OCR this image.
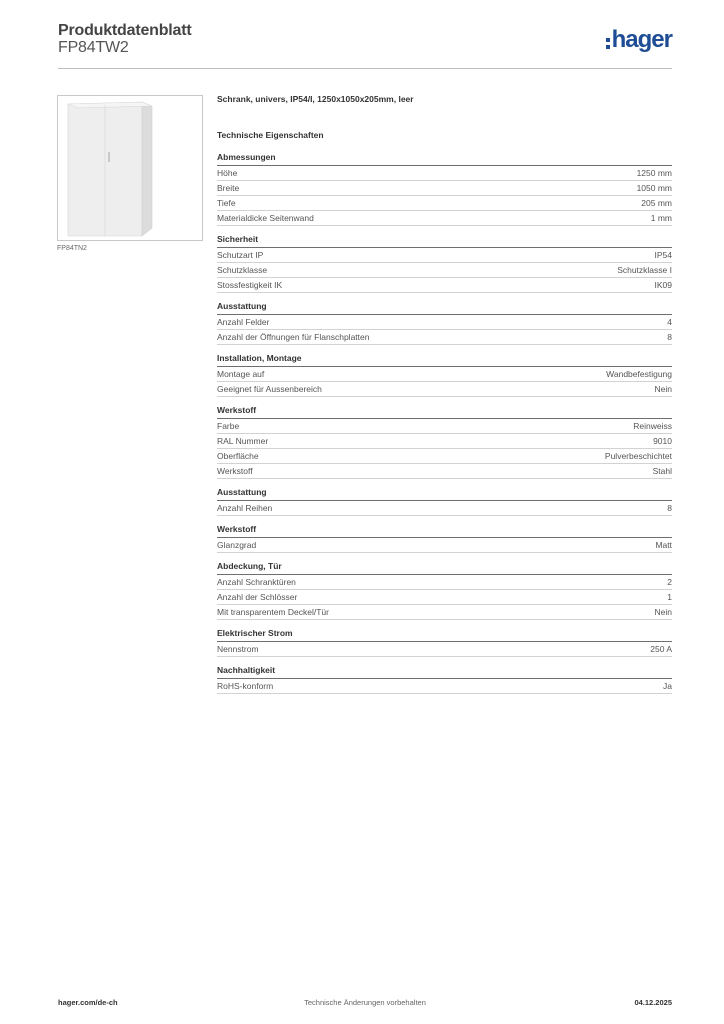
Produktdatenblatt
FP84TW2	hager
FP84TN2
Schrank, univers, IP54/I, 1250x1050x205mm, leer
Technische Eigenschaften
Abmessungen
Höhe	1250 mm
Breite	1050 mm
Tiefe	205 mm
Materialdicke Seitenwand	1 mm
Sicherheit
Schutzart IP	IP54
Schutzklasse	Schutzklasse I
Stossfestigkeit IK	IK09
Ausstattung
Anzahl Felder	4
Anzahl der Öffnungen für Flanschplatten	8
Installation, Montage
Montage auf	Wandbefestigung
Geeignet für Aussenbereich	Nein
Werkstoff
Farbe	Reinweiss
RAL Nummer	9010
Oberfläche	Pulverbeschichtet
Werkstoff	Stahl
Ausstattung
Anzahl Reihen	8
Werkstoff
Glanzgrad	Matt
Abdeckung, Tür
Anzahl Schranktüren	2
Anzahl der Schlösser	1
Mit transparentem Deckel/Tür	Nein
Elektrischer Strom
Nennstrom	250 A
Nachhaltigkeit
RoHS-konform	Ja
hager.com/de-ch	Technische Änderungen vorbehalten	04.12.2025
